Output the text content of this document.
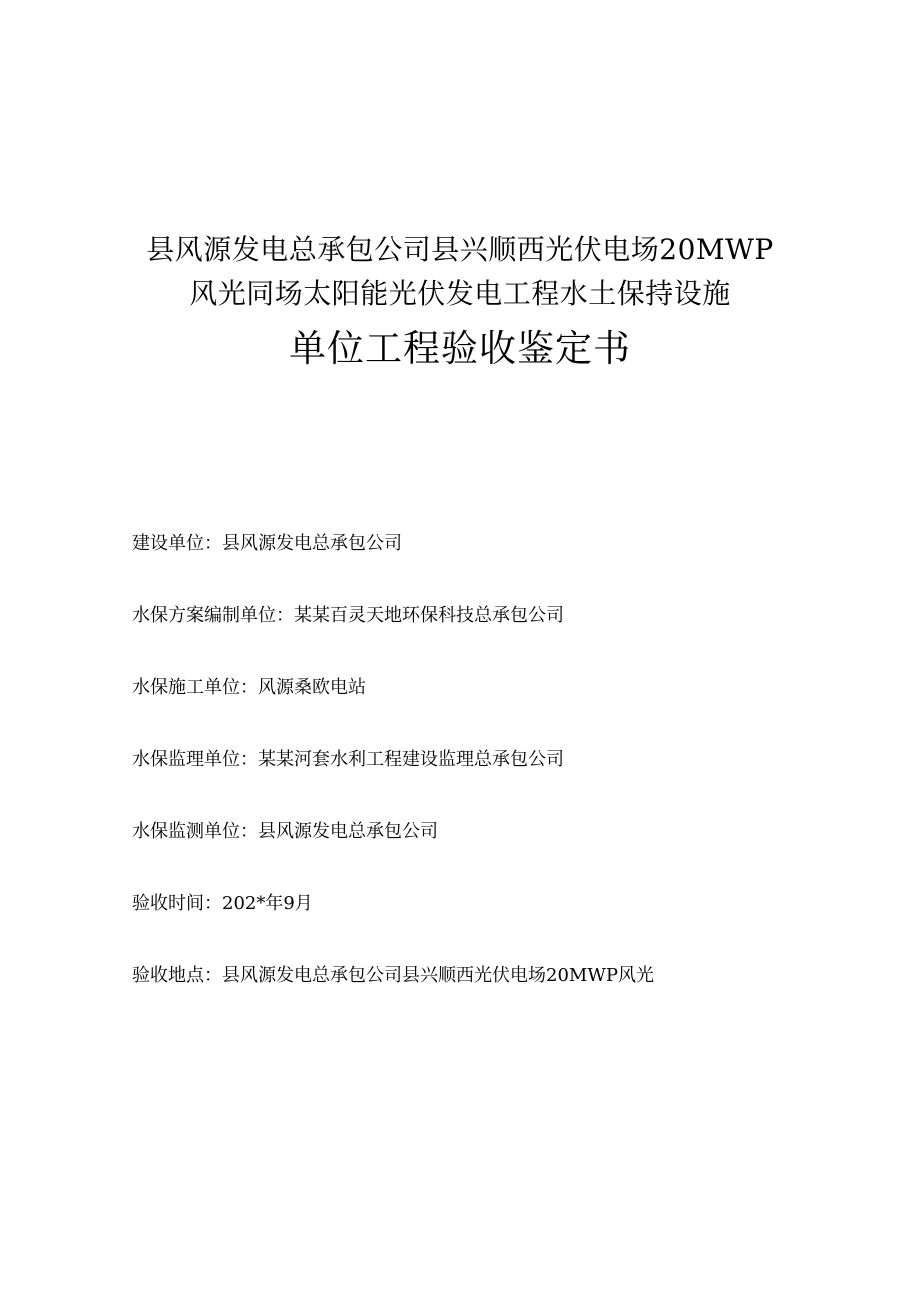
县风源发电总承包公司县兴顺西光伏电场20MWP
风光同场太阳能光伏发电工程水土保持设施
单位工程验收鉴定书
建设单位：县风源发电总承包公司
水保方案编制单位：某某百灵天地环保科技总承包公司
水保施工单位：风源桑欧电站
水保监理单位：某某河套水利工程建设监理总承包公司
水保监测单位：县风源发电总承包公司
验收时间：202*年9月
验收地点：县风源发电总承包公司县兴顺西光伏电场20MWP风光
